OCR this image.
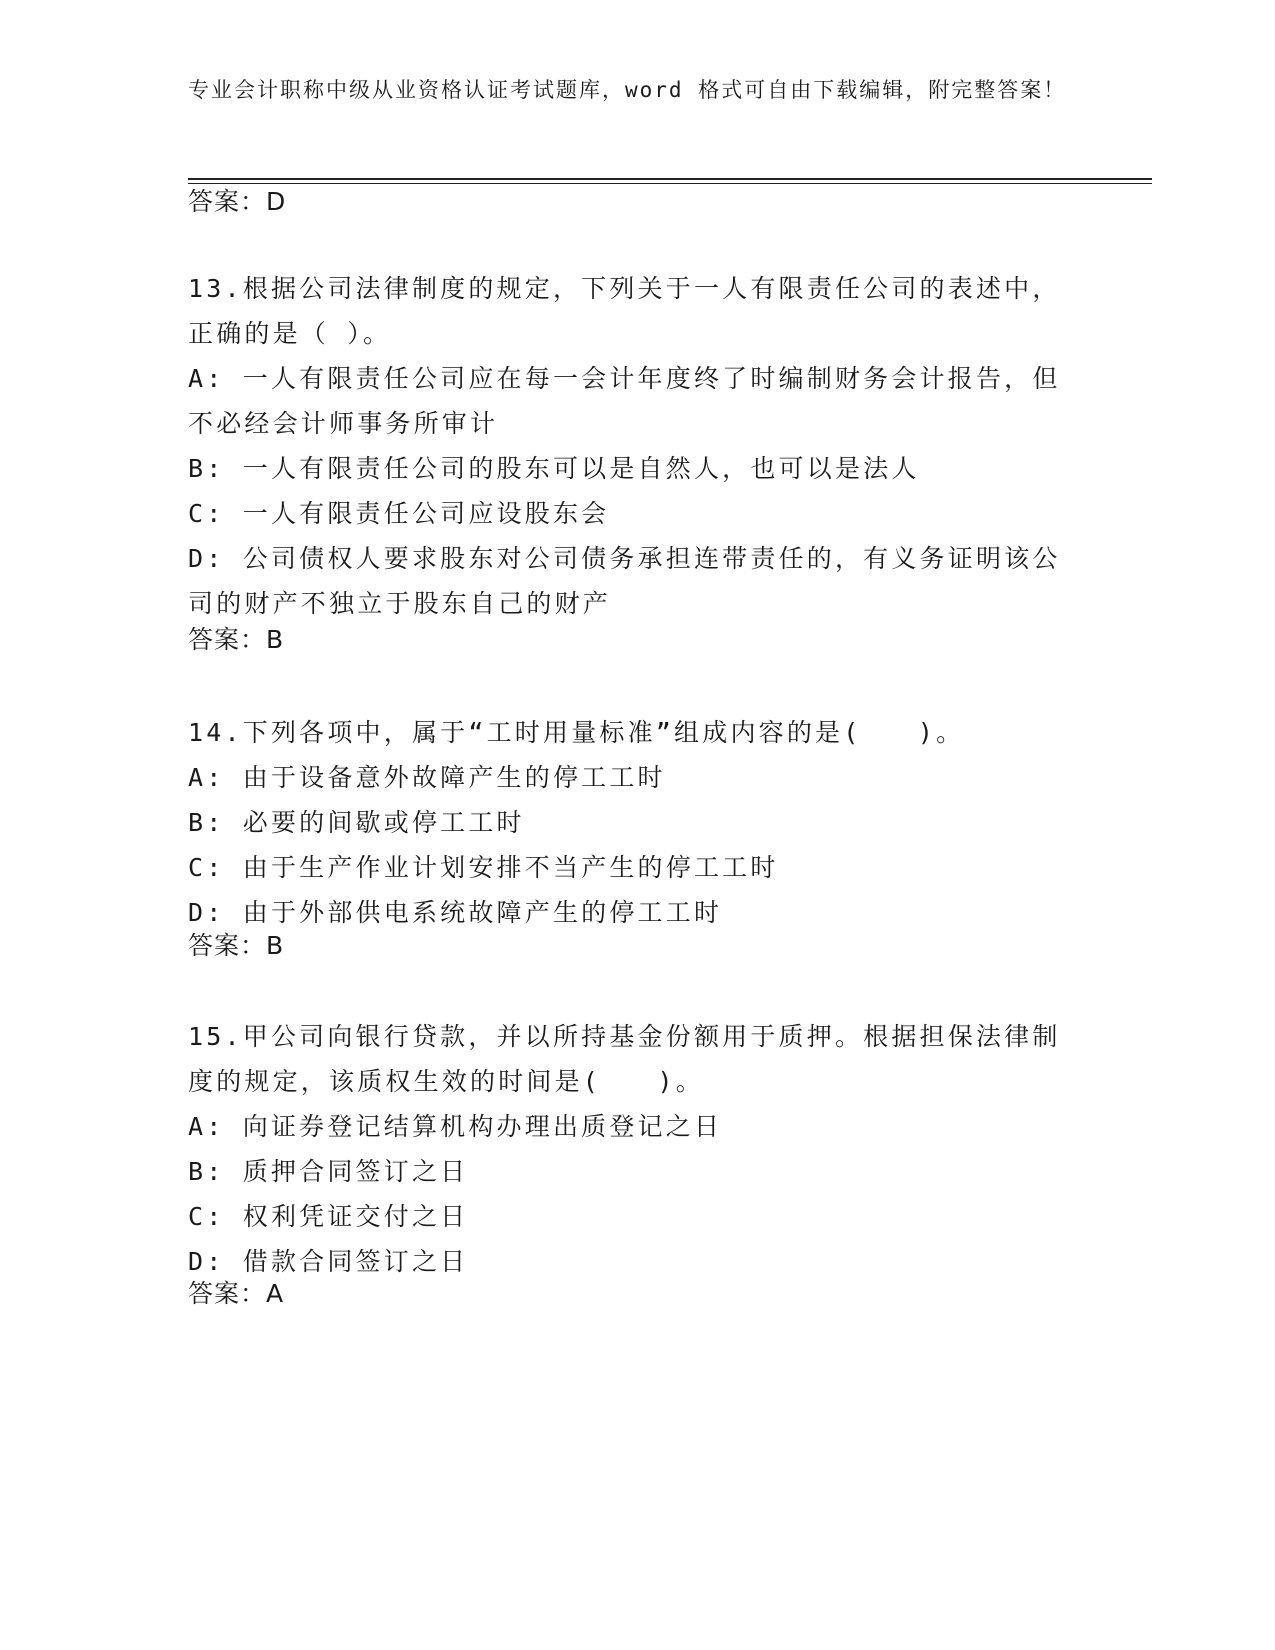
专业会计职称中级从业资格认证考试题库，word 格式可自由下载编辑，附完整答案！
答案：D
13.根据公司法律制度的规定，下列关于一人有限责任公司的表述中，正确的是（ ）。
A: 一人有限责任公司应在每一会计年度终了时编制财务会计报告，但不必经会计师事务所审计
B: 一人有限责任公司的股东可以是自然人，也可以是法人
C: 一人有限责任公司应设股东会
D: 公司债权人要求股东对公司债务承担连带责任的，有义务证明该公司的财产不独立于股东自己的财产
答案：B
14.下列各项中，属于“工时用量标准”组成内容的是(　　)。
A: 由于设备意外故障产生的停工工时
B: 必要的间歇或停工工时
C: 由于生产作业计划安排不当产生的停工工时
D: 由于外部供电系统故障产生的停工工时
答案：B
15.甲公司向银行贷款，并以所持基金份额用于质押。根据担保法律制度的规定，该质权生效的时间是(　　)。
A: 向证券登记结算机构办理出质登记之日
B: 质押合同签订之日
C: 权利凭证交付之日
D: 借款合同签订之日
答案：A
